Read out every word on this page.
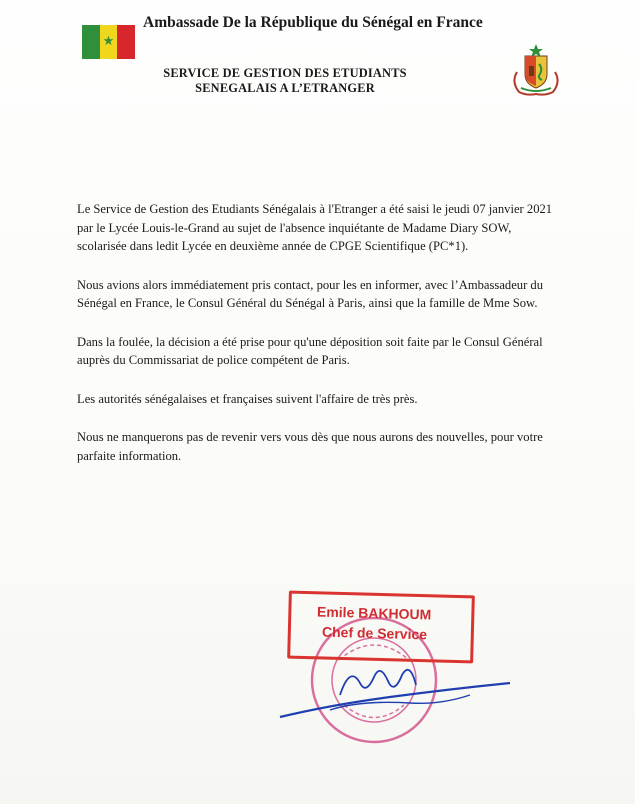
★
Ambassade De la République du Sénégal en France
SERVICE DE GESTION DES ETUDIANTS
SENEGALAIS A L’ETRANGER

Le Service de Gestion des Etudiants Sénégalais à l'Etranger a été saisi le jeudi 07 janvier 2021 par le Lycée Louis-le-Grand au sujet de l'absence inquiétante de Madame Diary SOW, scolarisée dans ledit Lycée en deuxième année de CPGE Scientifique (PC*1).

Nous avions alors immédiatement pris contact, pour les en informer, avec l’Ambassadeur du Sénégal en France, le Consul Général du Sénégal à Paris, ainsi que la famille de Mme Sow.

Dans la foulée, la décision a été prise pour qu'une déposition soit faite par le Consul Général auprès du Commissariat de police compétent de Paris.

Les autorités sénégalaises et françaises suivent l'affaire de très près.

Nous ne manquerons pas de revenir vers vous dès que nous aurons des nouvelles, pour votre parfaite information.

Emile BAKHOUM
Chef de Service
